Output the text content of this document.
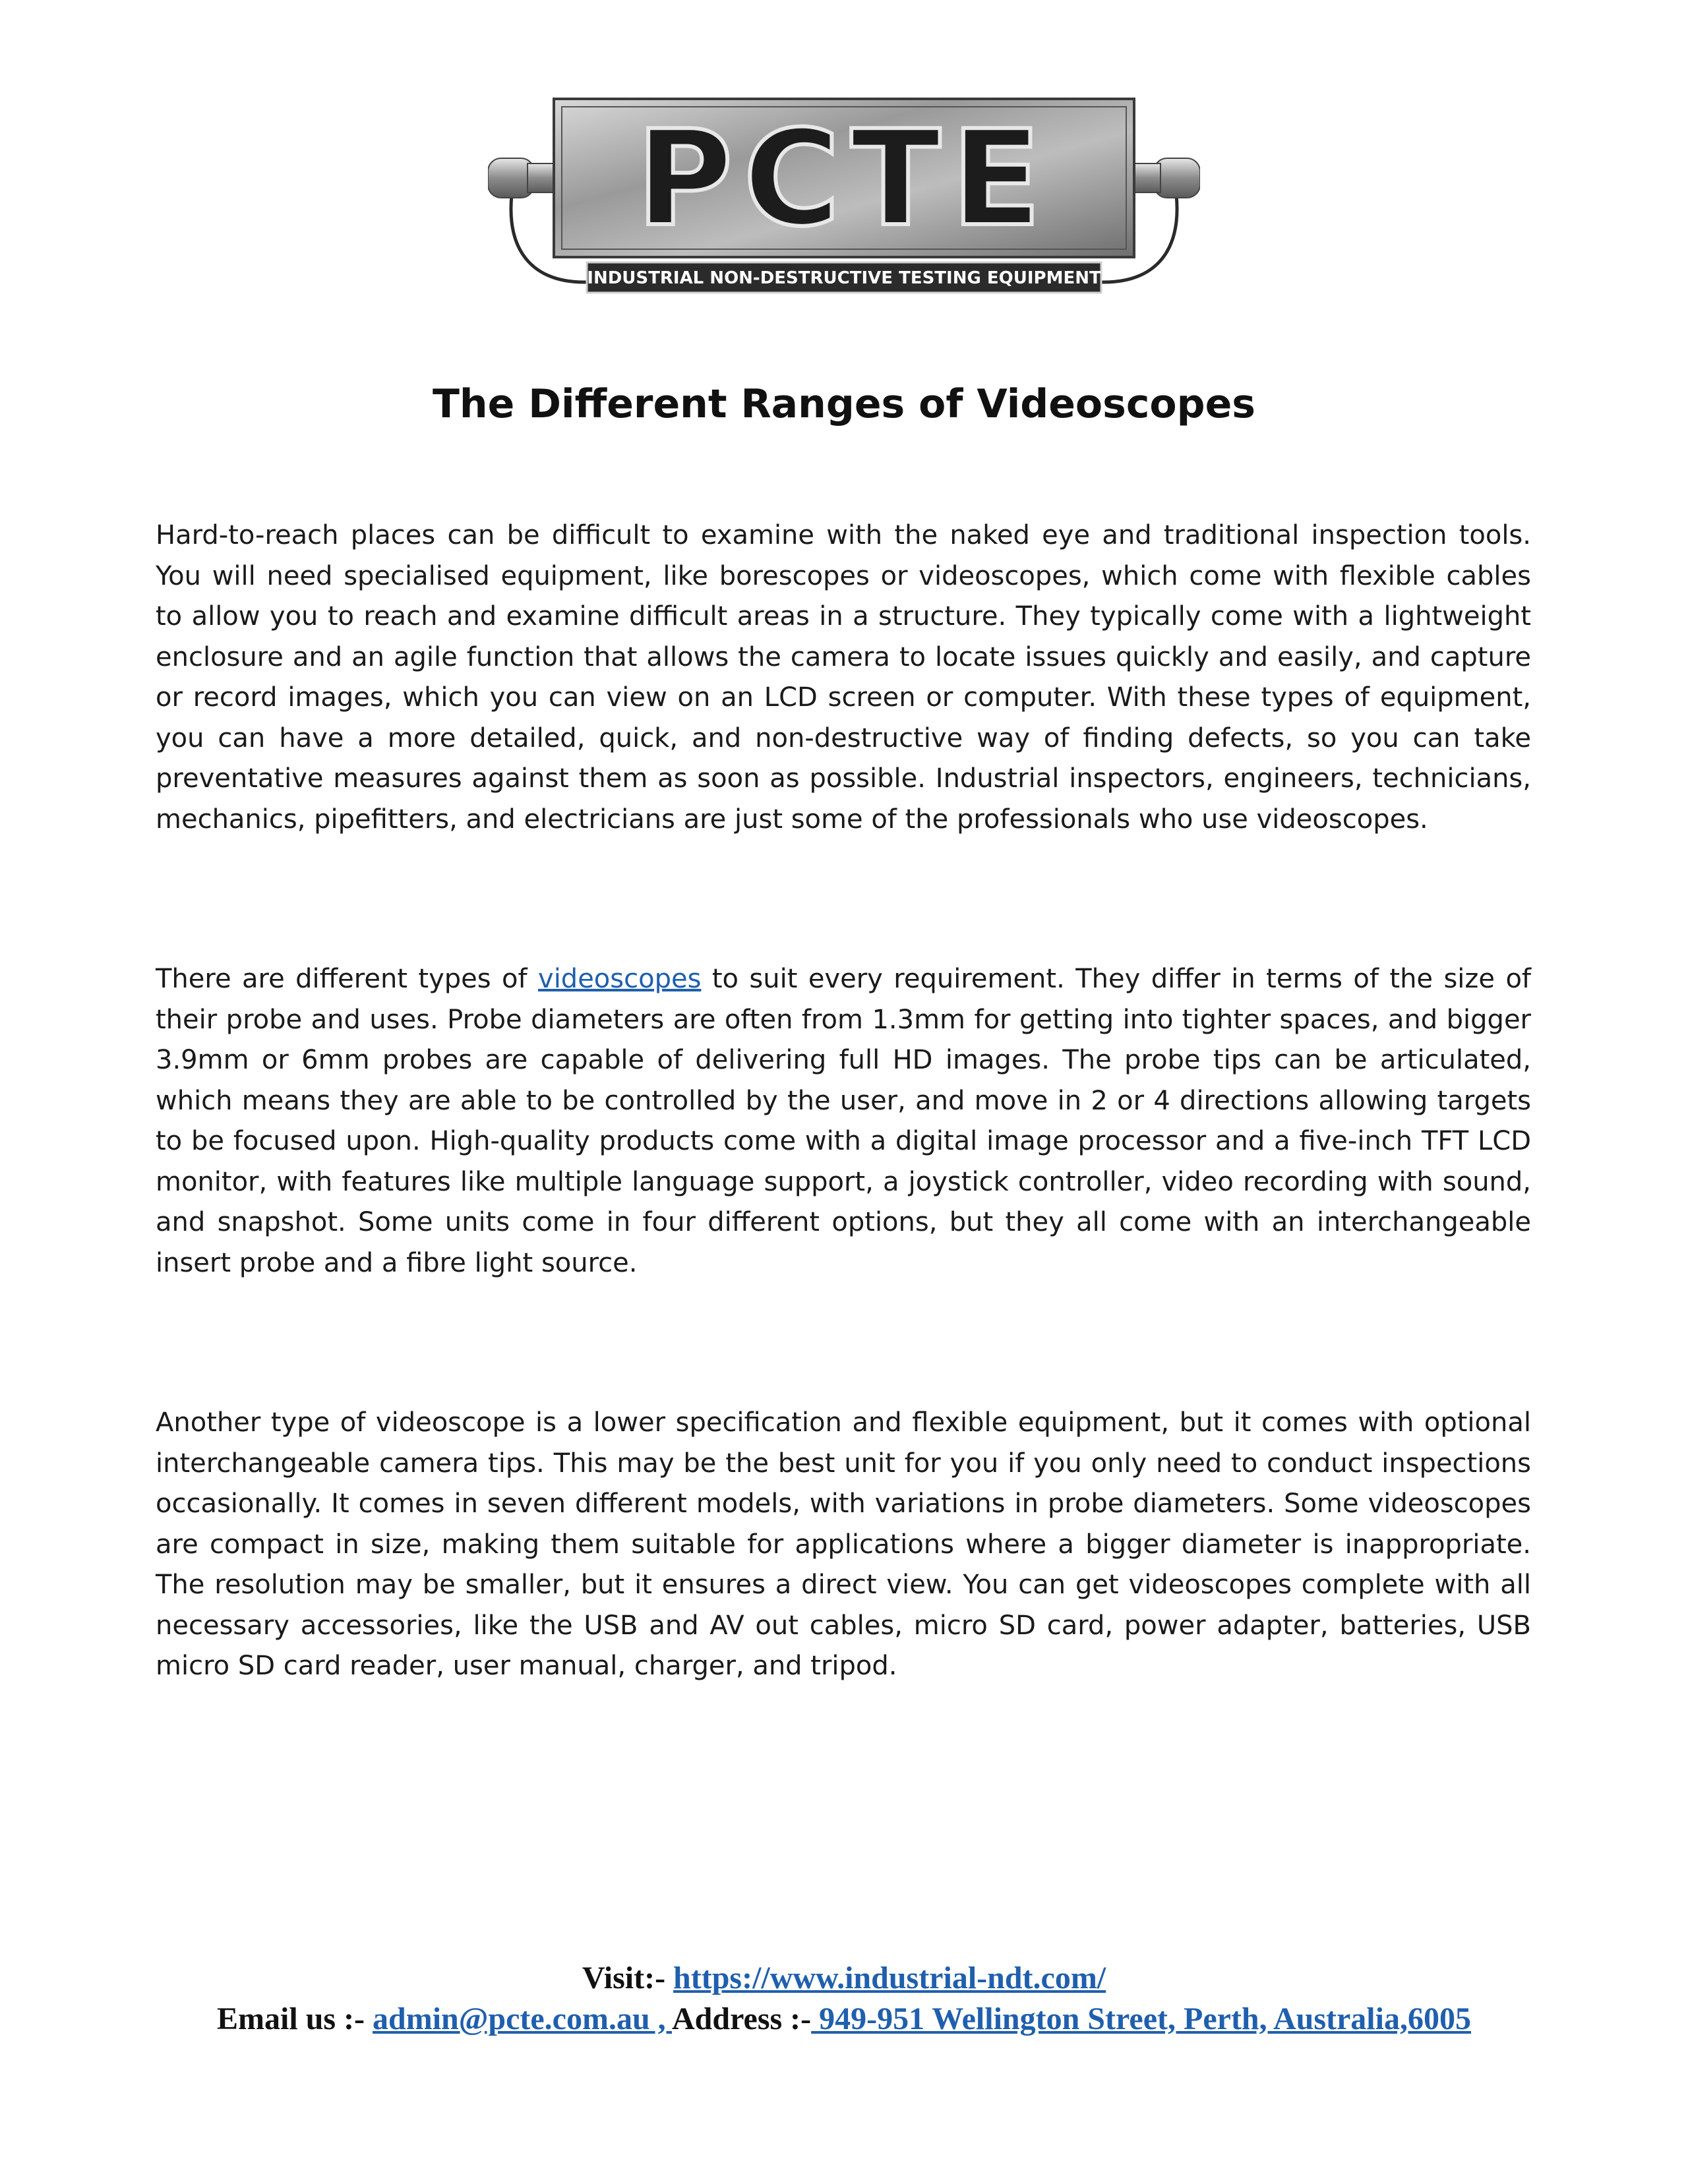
PCTE
INDUSTRIAL NON-DESTRUCTIVE TESTING EQUIPMENT
The Different Ranges of Videoscopes

Hard-to-reach places can be difficult to examine with the naked eye and traditional inspection tools. You will need specialised equipment, like borescopes or videoscopes, which come with flexible cables to allow you to reach and examine difficult areas in a structure. They typically come with a lightweight enclosure and an agile function that allows the camera to locate issues quickly and easily, and capture or record images, which you can view on an LCD screen or computer. With these types of equipment, you can have a more detailed, quick, and non-destructive way of finding defects, so you can take preventative measures against them as soon as possible. Industrial inspectors, engineers, technicians, mechanics, pipefitters, and electricians are just some of the professionals who use videoscopes.

There are different types of videoscopes to suit every requirement. They differ in terms of the size of their probe and uses. Probe diameters are often from 1.3mm for getting into tighter spaces, and bigger 3.9mm or 6mm probes are capable of delivering full HD images. The probe tips can be articulated, which means they are able to be controlled by the user, and move in 2 or 4 directions allowing targets to be focused upon. High-quality products come with a digital image processor and a five-inch TFT LCD monitor, with features like multiple language support, a joystick controller, video recording with sound, and snapshot. Some units come in four different options, but they all come with an interchangeable insert probe and a fibre light source.

Another type of videoscope is a lower specification and flexible equipment, but it comes with optional interchangeable camera tips. This may be the best unit for you if you only need to conduct inspections occasionally. It comes in seven different models, with variations in probe diameters. Some videoscopes are compact in size, making them suitable for applications where a bigger diameter is inappropriate. The resolution may be smaller, but it ensures a direct view. You can get videoscopes complete with all necessary accessories, like the USB and AV out cables, micro SD card, power adapter, batteries, USB micro SD card reader, user manual, charger, and tripod.

Visit:- https://www.industrial-ndt.com/
Email us :- admin@pcte.com.au , Address :- 949-951 Wellington Street, Perth, Australia,6005
